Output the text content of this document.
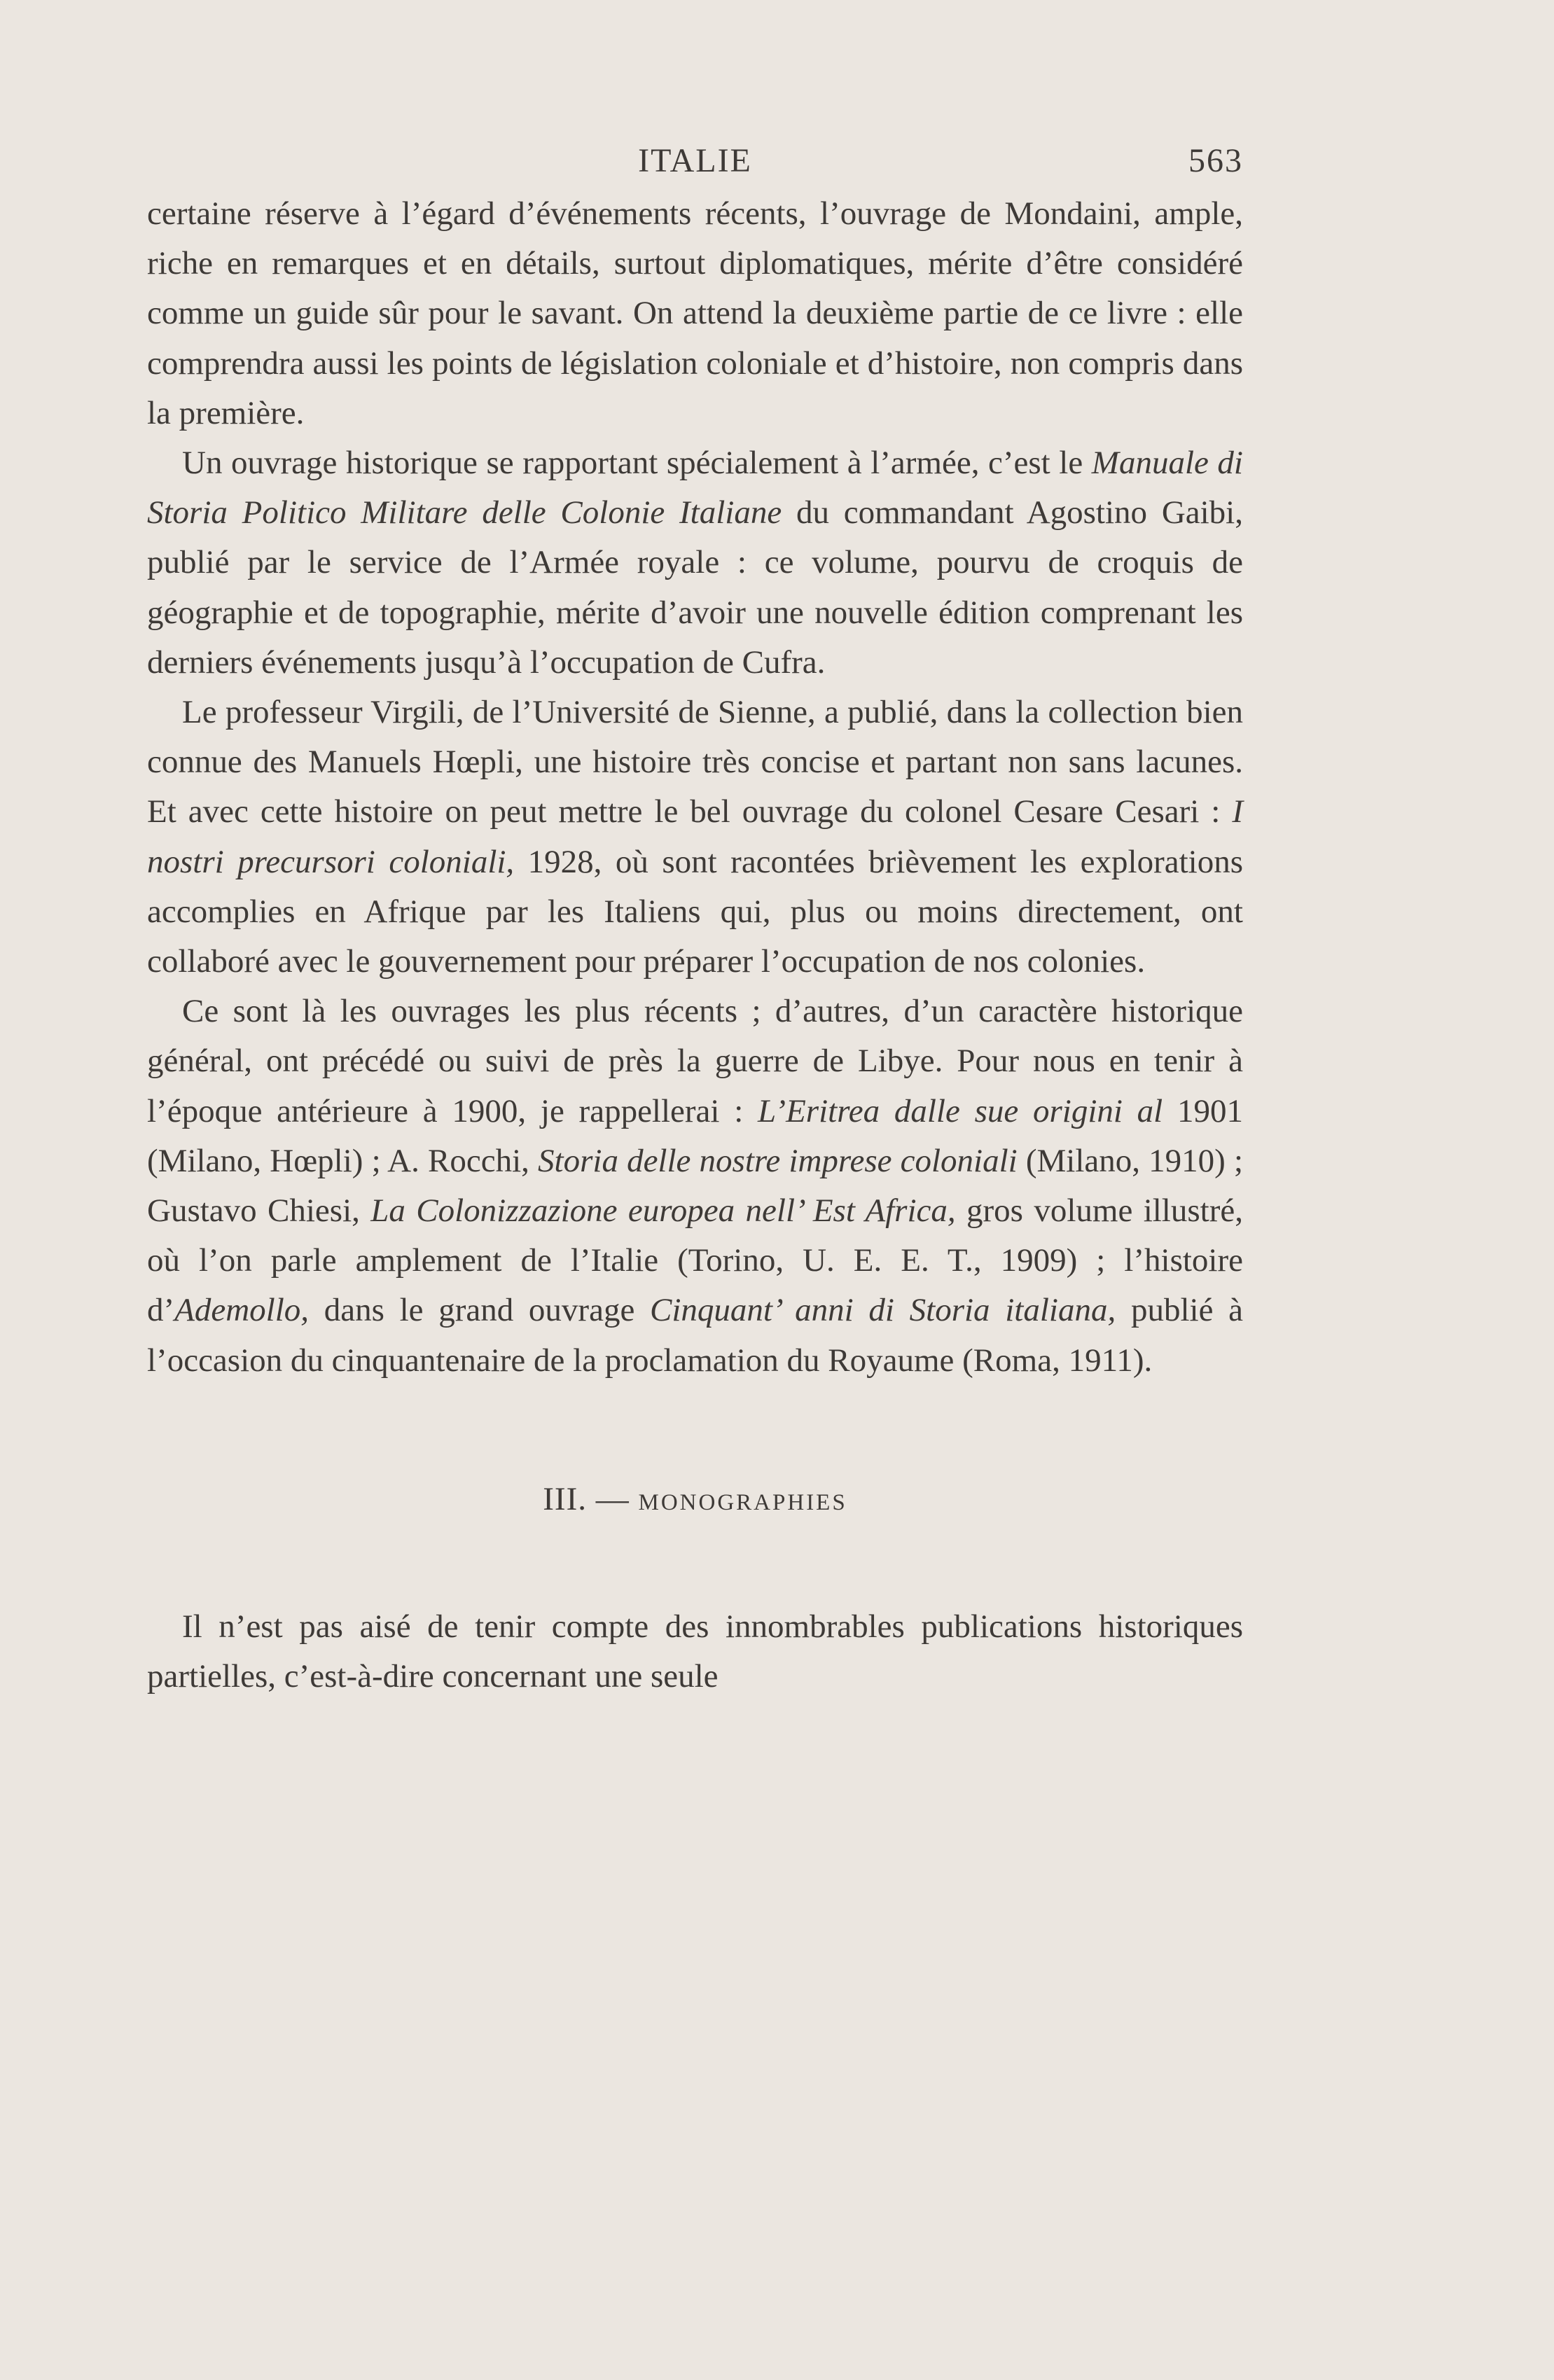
ITALIE	563

certaine réserve à l’égard d’événements récents, l’ouvrage de Mondaini, ample, riche en remarques et en détails, surtout diplomatiques, mérite d’être considéré comme un guide sûr pour le savant. On attend la deuxième partie de ce livre : elle comprendra aussi les points de législation coloniale et d’histoire, non compris dans la première.

Un ouvrage historique se rapportant spécialement à l’armée, c’est le Manuale di Storia Politico Militare delle Colonie Italiane du commandant Agostino Gaibi, publié par le service de l’Armée royale : ce volume, pourvu de croquis de géographie et de topographie, mérite d’avoir une nouvelle édition comprenant les derniers événements jusqu’à l’occupation de Cufra.

Le professeur Virgili, de l’Université de Sienne, a publié, dans la collection bien connue des Manuels Hœpli, une histoire très concise et partant non sans lacunes. Et avec cette histoire on peut mettre le bel ouvrage du colonel Cesare Cesari : I nostri precursori coloniali, 1928, où sont racontées brièvement les explorations accomplies en Afrique par les Italiens qui, plus ou moins directement, ont collaboré avec le gouvernement pour préparer l’occupation de nos colonies.

Ce sont là les ouvrages les plus récents ; d’autres, d’un caractère historique général, ont précédé ou suivi de près la guerre de Libye. Pour nous en tenir à l’époque antérieure à 1900, je rappellerai : L’Eritrea dalle sue origini al 1901 (Milano, Hœpli) ; A. Rocchi, Storia delle nostre imprese coloniali (Milano, 1910) ; Gustavo Chiesi, La Colonizzazione europea nell’ Est Africa, gros volume illustré, où l’on parle amplement de l’Italie (Torino, U. E. E. T., 1909) ; l’histoire d’Ademollo, dans le grand ouvrage Cinquant’ anni di Storia italiana, publié à l’occasion du cinquantenaire de la proclamation du Royaume (Roma, 1911).

III. — monographies

Il n’est pas aisé de tenir compte des innombrables publications historiques partielles, c’est-à-dire concernant une seule
